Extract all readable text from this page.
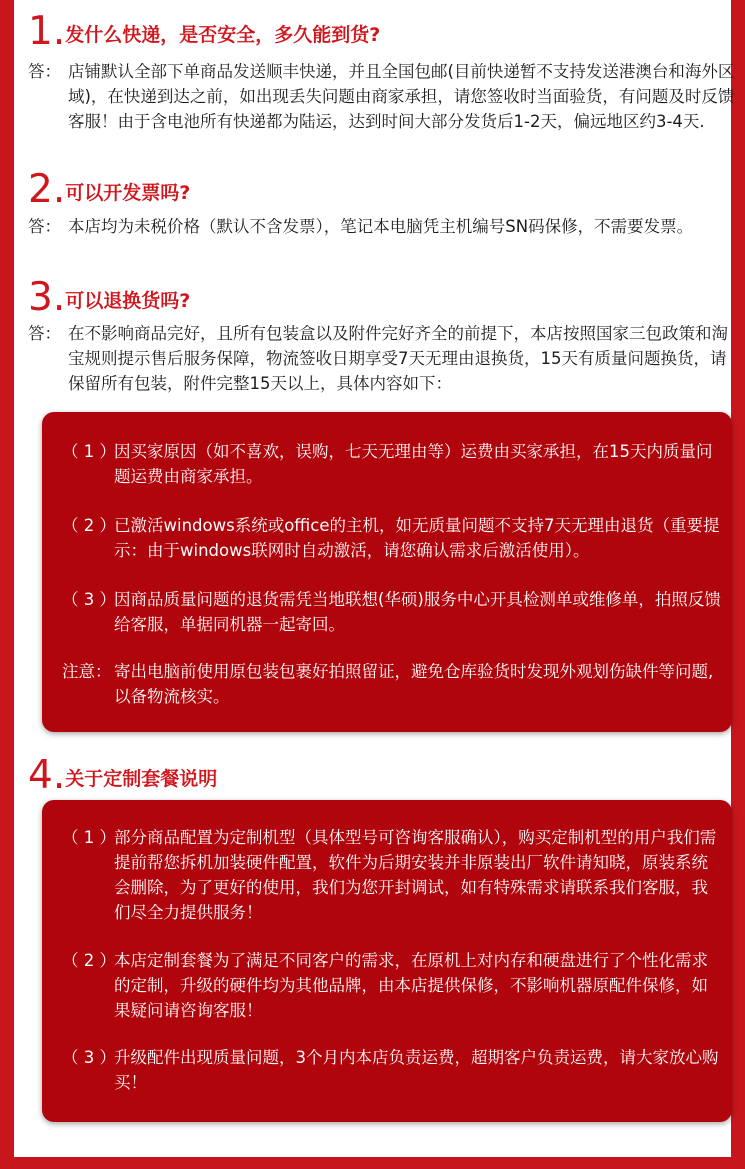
1. 发什么快递，是否安全，多久能到货?
答： 店铺默认全部下单商品发送顺丰快递，并且全国包邮(目前快递暂不支持发送港澳台和海外区域)，在快递到达之前，如出现丢失问题由商家承担，请您签收时当面验货，有问题及时反馈客服！由于含电池所有快递都为陆运，达到时间大部分发货后1-2天，偏远地区约3-4天.
2. 可以开发票吗?
答： 本店均为未税价格（默认不含发票），笔记本电脑凭主机编号SN码保修，不需要发票。
3. 可以退换货吗?
答： 在不影响商品完好，且所有包装盒以及附件完好齐全的前提下，本店按照国家三包政策和淘宝规则提示售后服务保障，物流签收日期享受7天无理由退换货，15天有质量问题换货，请保留所有包装，附件完整15天以上，具体内容如下：
（ 1 ）
因买家原因（如不喜欢，误购，七天无理由等）运费由买家承担，在15天内质量问题运费由商家承担。
（ 2 ）
已激活windows系统或office的主机，如无质量问题不支持7天无理由退货（重要提示：由于windows联网时自动激活，请您确认需求后激活使用）。
（ 3 ）
因商品质量问题的退货需凭当地联想(华硕)服务中心开具检测单或维修单，拍照反馈给客服，单据同机器一起寄回。
注意： 寄出电脑前使用原包装包裹好拍照留证，避免仓库验货时发现外观划伤缺件等问题,以备物流核实。
4. 关于定制套餐说明
（ 1 ）
部分商品配置为定制机型（具体型号可咨询客服确认），购买定制机型的用户我们需提前帮您拆机加装硬件配置，软件为后期安装并非原装出厂软件请知晓，原装系统会删除，为了更好的使用，我们为您开封调试，如有特殊需求请联系我们客服，我们尽全力提供服务！
（ 2 ）
本店定制套餐为了满足不同客户的需求，在原机上对内存和硬盘进行了个性化需求的定制，升级的硬件均为其他品牌，由本店提供保修，不影响机器原配件保修，如果疑问请咨询客服！
（ 3 ）
升级配件出现质量问题，3个月内本店负责运费，超期客户负责运费，请大家放心购买！
